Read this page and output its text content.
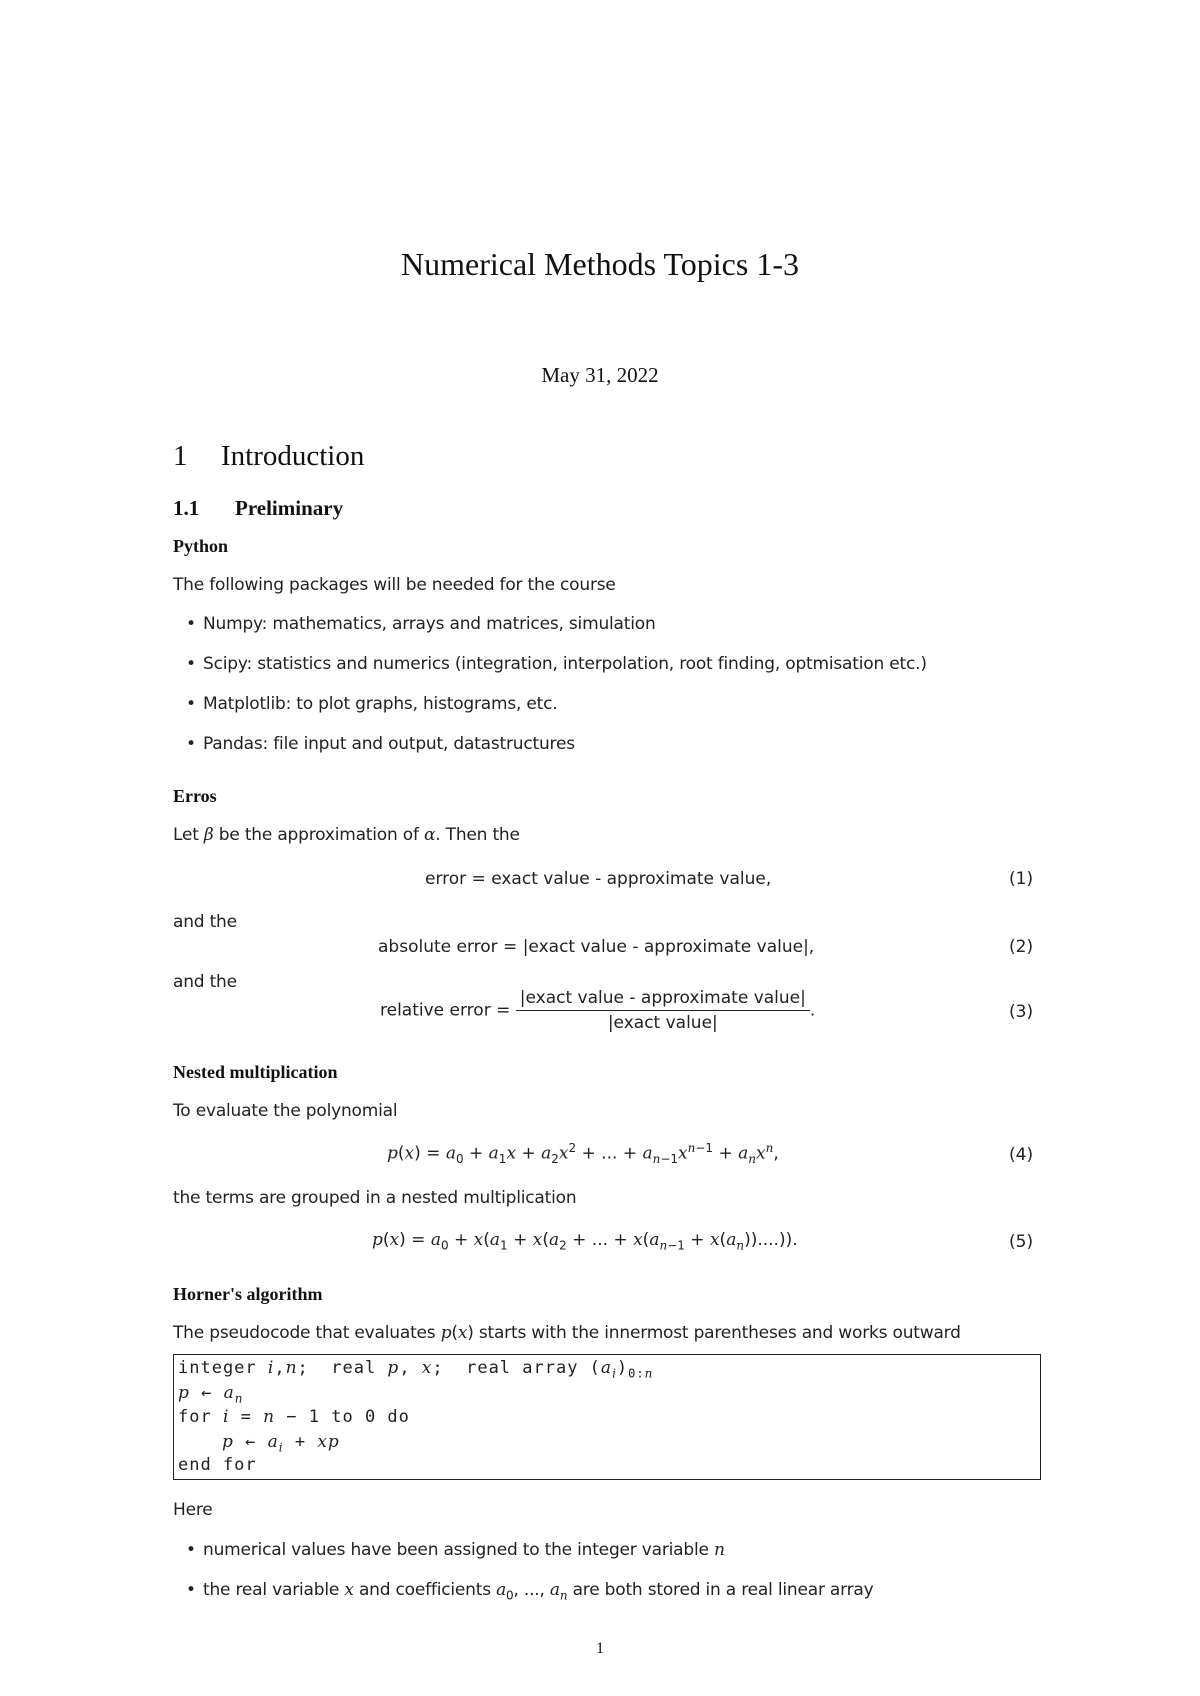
Numerical Methods Topics 1-3
May 31, 2022
1 Introduction
1.1 Preliminary
Python
The following packages will be needed for the course
• Numpy: mathematics, arrays and matrices, simulation
• Scipy: statistics and numerics (integration, interpolation, root finding, optmisation etc.)
• Matplotlib: to plot graphs, histograms, etc.
• Pandas: file input and output, datastructures
Erros
Let β be the approximation of α. Then the
error = exact value - approximate value,	(1)
and the
absolute error = |exact value - approximate value|,	(2)
and the
relative error = $\frac{\text{|exact value - approximate value|}}{\text{|exact value|}}$ .	(3)
Nested multiplication
To evaluate the polynomial
$p(x) = a_0 + a_1x + a_2x^2$ + ... + $a_{n-1}x^{n-1} + a_nx^n$,	(4)
the terms are grouped in a nested multiplication
$p(x) = a_0 + x(a_1 + x(a_2$ + ... + $x(a_{n-1} + x(a_n))$....)).	(5)
Horner's algorithm
The pseudocode that evaluates p(x) starts with the innermost parentheses and works outward
integer i,n;  real p, x;  real array $(a_i)_{0:n}$
p ← $a_n$
for i = n − 1 to 0 do
p ← $a_i$ + xp
end for
Here
• numerical values have been assigned to the integer variable n
• the real variable x and coefficients $a_0$, ..., $a_n$ are both stored in a real linear array
1
